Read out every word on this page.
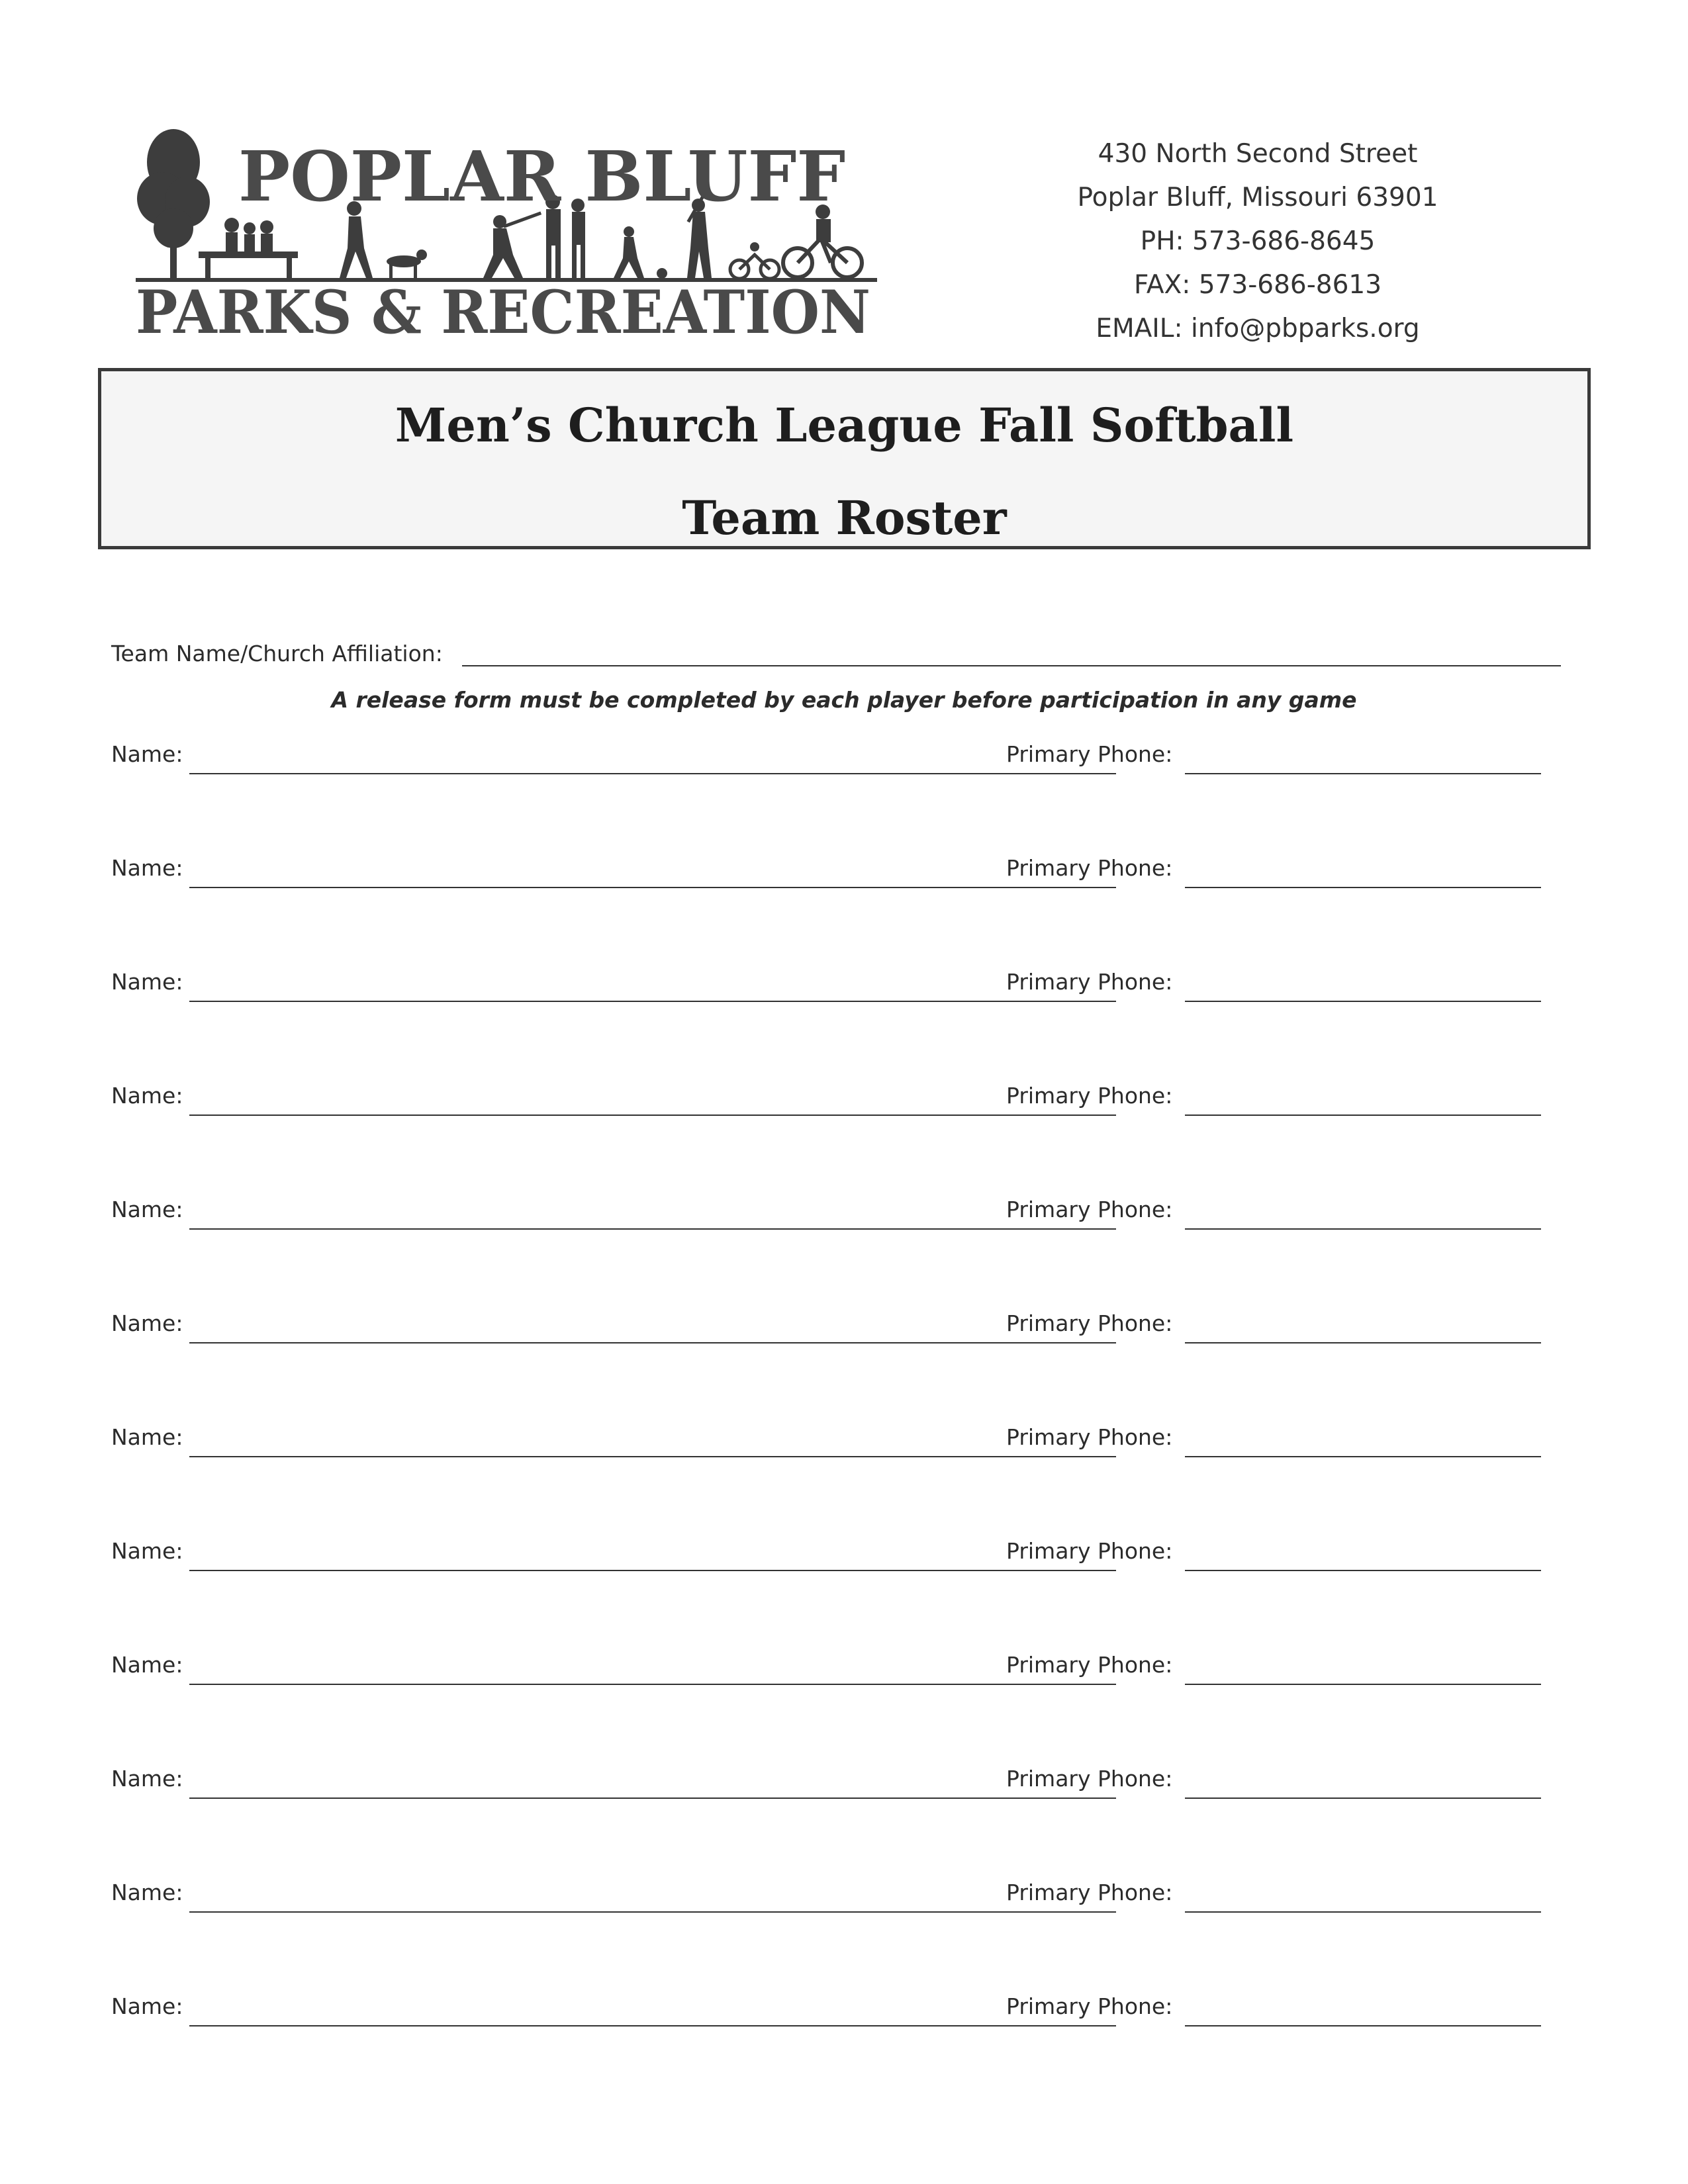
POPLAR BLUFF
PARKS & RECREATION
430 North Second Street
Poplar Bluff, Missouri 63901
PH: 573-686-8645
FAX: 573-686-8613
EMAIL: info@pbparks.org
Men’s Church League Fall Softball
Team Roster
Team Name/Church Affiliation:
A release form must be completed by each player before participation in any game
Name:	Primary Phone:
Name:	Primary Phone:
Name:	Primary Phone:
Name:	Primary Phone:
Name:	Primary Phone:
Name:	Primary Phone:
Name:	Primary Phone:
Name:	Primary Phone:
Name:	Primary Phone:
Name:	Primary Phone:
Name:	Primary Phone:
Name:	Primary Phone:
